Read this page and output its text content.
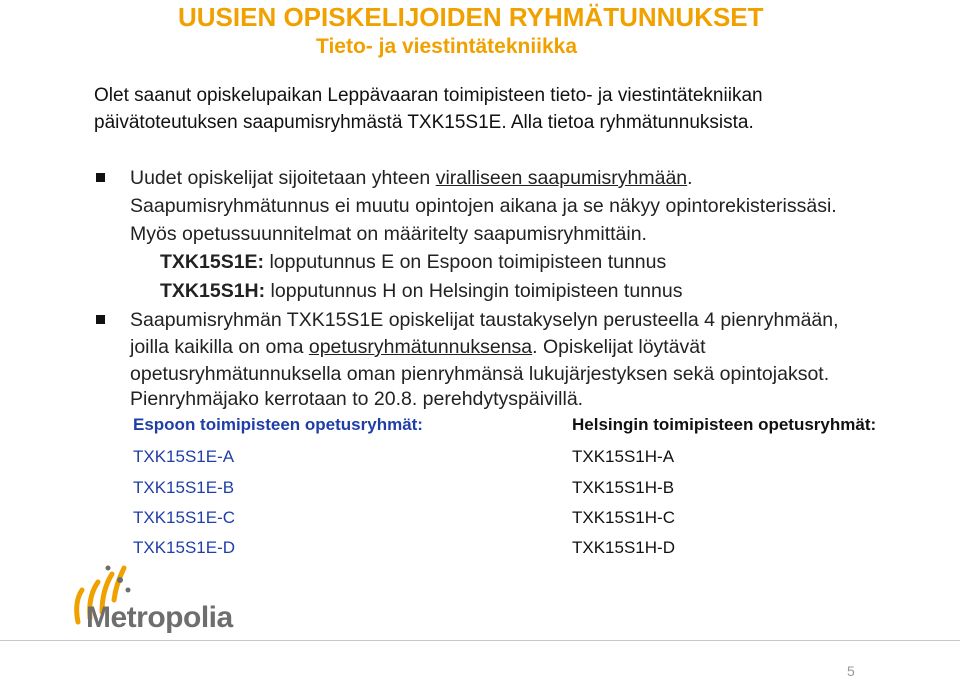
UUSIEN OPISKELIJOIDEN RYHMÄTUNNUKSET
Tieto- ja viestintätekniikka
Olet saanut opiskelupaikan Leppävaaran toimipisteen tieto- ja viestintätekniikan
päivätoteutuksen saapumisryhmästä TXK15S1E. Alla tietoa ryhmätunnuksista.
Uudet opiskelijat sijoitetaan yhteen viralliseen saapumisryhmään.
Saapumisryhmätunnus ei muutu opintojen aikana ja se näkyy opintorekisterissäsi.
Myös opetussuunnitelmat on määritelty saapumisryhmittäin.
TXK15S1E: lopputunnus E on Espoon toimipisteen tunnus
TXK15S1H: lopputunnus H on Helsingin toimipisteen tunnus
Saapumisryhmän TXK15S1E opiskelijat taustakyselyn perusteella 4 pienryhmään,
joilla kaikilla on oma opetusryhmätunnuksensa. Opiskelijat löytävät
opetusryhmätunnuksella oman pienryhmänsä lukujärjestyksen sekä opintojaksot.
Pienryhmäjako kerrotaan to 20.8. perehdytyspäivillä.
Espoon toimipisteen opetusryhmät:
TXK15S1E-A
TXK15S1E-B
TXK15S1E-C
TXK15S1E-D
Helsingin toimipisteen opetusryhmät:
TXK15S1H-A
TXK15S1H-B
TXK15S1H-C
TXK15S1H-D
Metropolia
5
